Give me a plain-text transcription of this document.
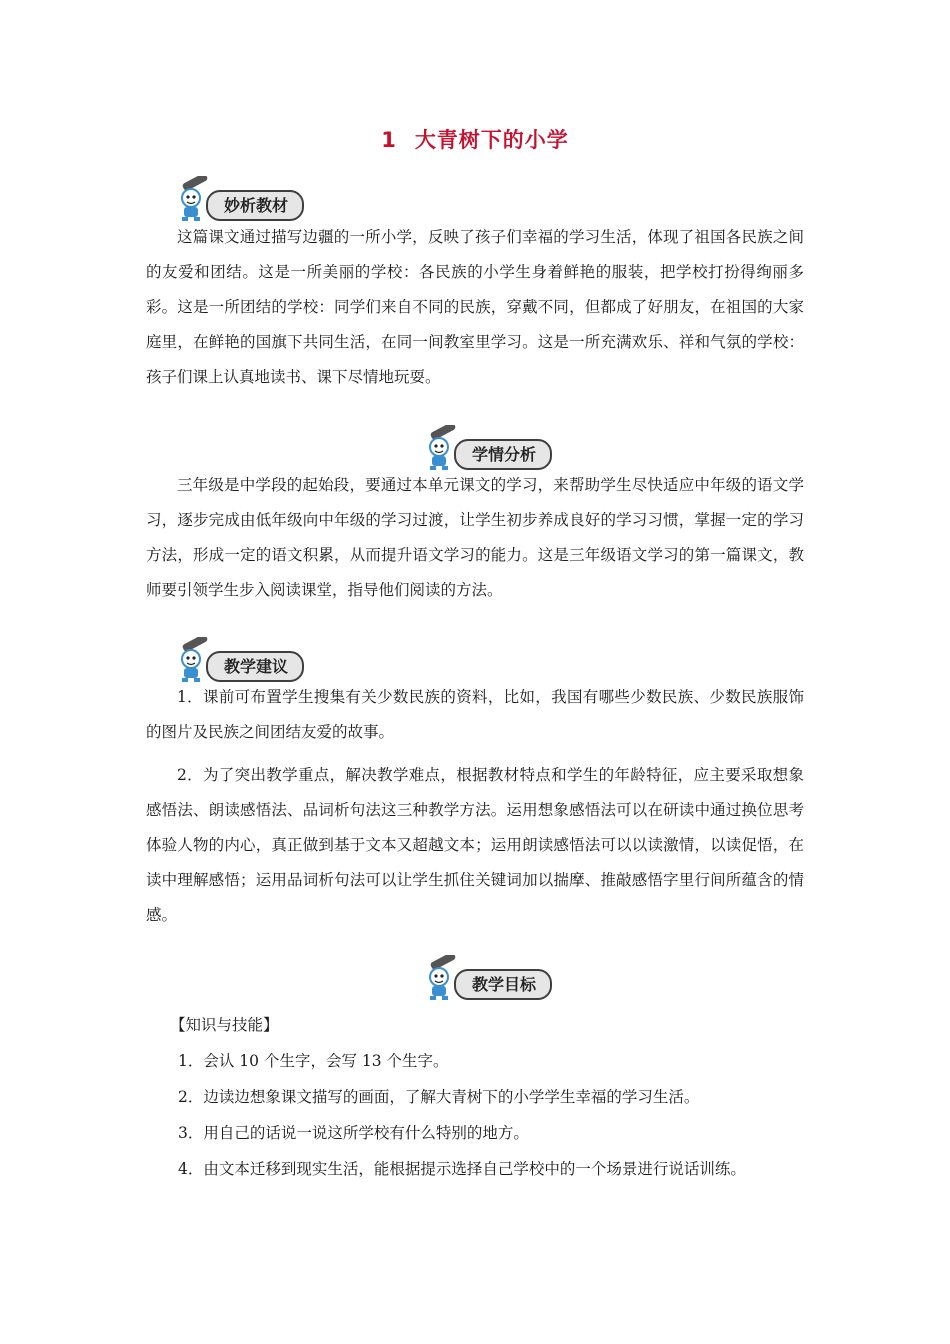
1 大青树下的小学
妙析教材

这篇课文通过描写边疆的一所小学，反映了孩子们幸福的学习生活，体现了祖国各民族之间的友爱和团结。这是一所美丽的学校：各民族的小学生身着鲜艳的服装，把学校打扮得绚丽多彩。这是一所团结的学校：同学们来自不同的民族，穿戴不同，但都成了好朋友，在祖国的大家庭里，在鲜艳的国旗下共同生活，在同一间教室里学习。这是一所充满欢乐、祥和气氛的学校：孩子们课上认真地读书、课下尽情地玩耍。

学情分析

三年级是中学段的起始段，要通过本单元课文的学习，来帮助学生尽快适应中年级的语文学习，逐步完成由低年级向中年级的学习过渡，让学生初步养成良好的学习习惯，掌握一定的学习方法，形成一定的语文积累，从而提升语文学习的能力。这是三年级语文学习的第一篇课文，教师要引领学生步入阅读课堂，指导他们阅读的方法。

教学建议

1．课前可布置学生搜集有关少数民族的资料，比如，我国有哪些少数民族、少数民族服饰的图片及民族之间团结友爱的故事。

2．为了突出教学重点，解决教学难点，根据教材特点和学生的年龄特征，应主要采取想象感悟法、朗读感悟法、品词析句法这三种教学方法。运用想象感悟法可以在研读中通过换位思考体验人物的内心，真正做到基于文本又超越文本；运用朗读感悟法可以以读激情，以读促悟，在读中理解感悟；运用品词析句法可以让学生抓住关键词加以揣摩、推敲感悟字里行间所蕴含的情感。

教学目标
【知识与技能】
1．会认 10 个生字，会写 13 个生字。
2．边读边想象课文描写的画面，了解大青树下的小学学生幸福的学习生活。
3．用自己的话说一说这所学校有什么特别的地方。
4．由文本迁移到现实生活，能根据提示选择自己学校中的一个场景进行说话训练。
